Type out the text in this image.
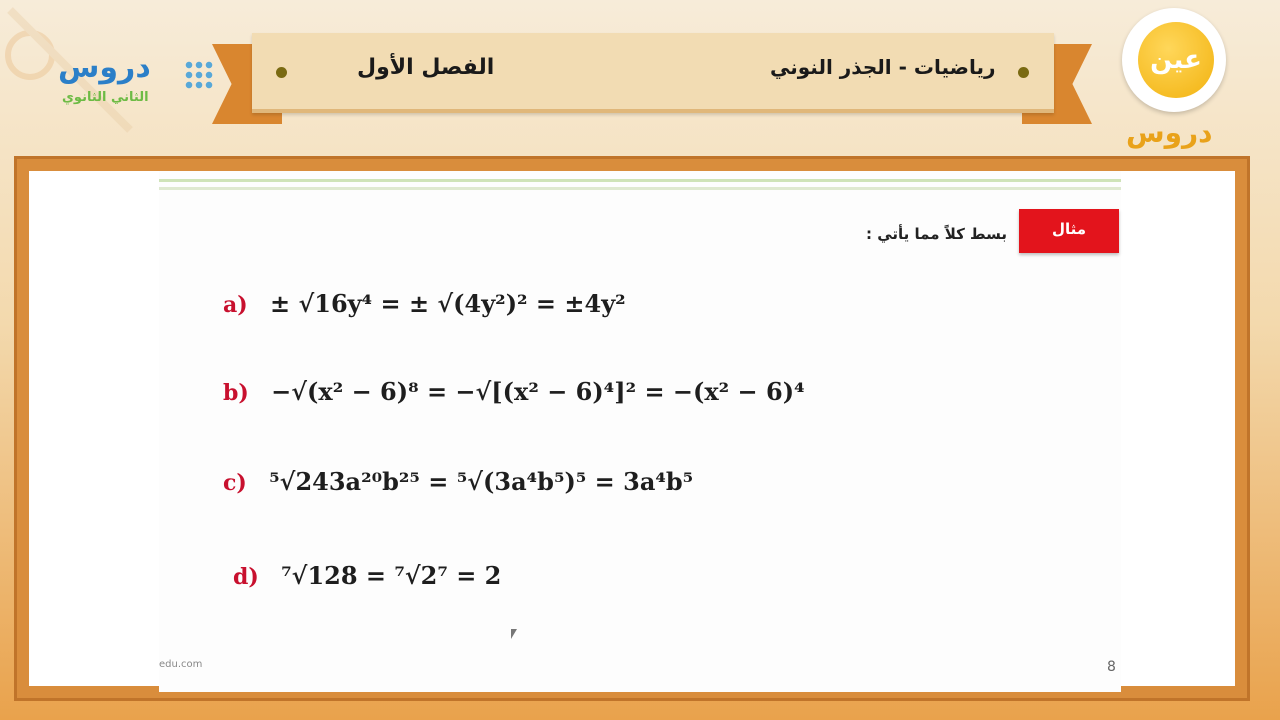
دروس
الثاني الثانوي
الفصل الأول	رياضيات - الجذر النوني	عين
دروس
مثال
بسط كلاً مما يأتي :
a) ± √16y⁴ = ± √(4y²)² = ±4y²
b) −√(x² − 6)⁸ = −√[(x² − 6)⁴]² = −(x² − 6)⁴
c) ⁵√243a²⁰b²⁵ = ⁵√(3a⁴b⁵)⁵ = 3a⁴b⁵
d) ⁷√128 = ⁷√2⁷ = 2
edu.com	8
